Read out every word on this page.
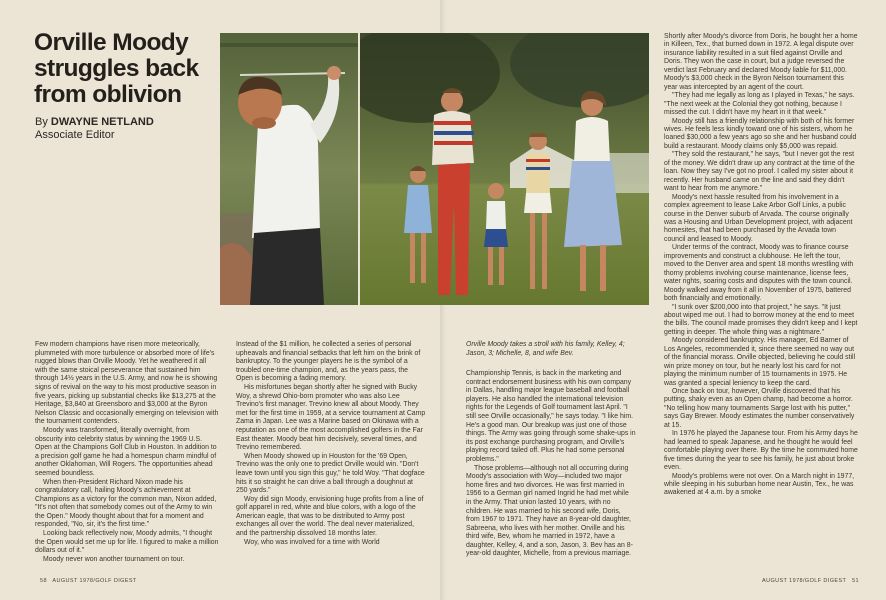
Orville Moody struggles back from oblivion
By DWAYNE NETLAND
Associate Editor

Few modern champions have risen more meteorically, plummeted with more turbulence or absorbed more of life's rugged blows than Orville Moody. Yet he weathered it all with the same stoical perseverance that sustained him through 14½ years in the U.S. Army, and now he is showing signs of revival on the way to his most productive season in five years, picking up substantial checks like $13,275 at the Heritage, $3,840 at Greensboro and $3,000 at the Byron Nelson Classic and occasionally emerging on television with the tournament contenders.

Moody was transformed, literally overnight, from obscurity into celebrity status by winning the 1969 U.S. Open at the Champions Golf Club in Houston. In addition to a precision golf game he had a homespun charm mindful of another Oklahoman, Will Rogers. The opportunities ahead seemed boundless.

When then-President Richard Nixon made his congratulatory call, hailing Moody's achievement at Champions as a victory for the common man, Nixon added, "It's not often that somebody comes out of the Army to win the Open." Moody thought about that for a moment and responded, "No, sir, it's the first time."

Looking back reflectively now, Moody admits, "I thought the Open would set me up for life. I figured to make a million dollars out of it."

Moody never won another tournament on tour.

Instead of the $1 million, he collected a series of personal upheavals and financial setbacks that left him on the brink of bankruptcy. To the younger players he is the symbol of a troubled one-time champion, and, as the years pass, the Open is becoming a fading memory.

His misfortunes began shortly after he signed with Bucky Woy, a shrewd Ohio-born promoter who was also Lee Trevino's first manager. Trevino knew all about Moody. They met for the first time in 1959, at a service tournament at Camp Zama in Japan. Lee was a Marine based on Okinawa with a reputation as one of the most accomplished golfers in the Far East theater. Moody beat him decisively, several times, and Trevino remembered.

When Moody showed up in Houston for the '69 Open, Trevino was the only one to predict Orville would win. "Don't leave town until you sign this guy," he told Woy. "That dogface hits it so straight he can drive a ball through a doughnut at 250 yards."

Woy did sign Moody, envisioning huge profits from a line of golf apparel in red, white and blue colors, with a logo of the American eagle, that was to be distributed to Army post exchanges all over the world. The deal never materialized, and the partnership dissolved 18 months later.

Woy, who was involved for a time with World

Orville Moody takes a stroll with his family, Kelley, 4; Jason, 3; Michelle, 8, and wife Bev.

Championship Tennis, is back in the marketing and contract endorsement business with his own company in Dallas, handling major league baseball and football players. He also handled the international television rights for the Legends of Golf tournament last April. "I still see Orville occasionally," he says today. "I like him. He's a good man. Our breakup was just one of those things. The Army was going through some shake-ups in its post exchange purchasing program, and Orville's playing record tailed off. Plus he had some personal problems."

Those problems—although not all occurring during Moody's association with Woy—included two major home fires and two divorces. He was first married in 1956 to a German girl named Ingrid he had met while in the Army. That union lasted 10 years, with no children. He was married to his second wife, Doris, from 1967 to 1971. They have an 8-year-old daughter, Sabreena, who lives with her mother. Orville and his third wife, Bev, whom he married in 1972, have a daughter, Kelley, 4, and a son, Jason, 3. Bev has an 8-year-old daughter, Michelle, from a previous marriage.

Shortly after Moody's divorce from Doris, he bought her a home in Killeen, Tex., that burned down in 1972. A legal dispute over insurance liability resulted in a suit filed against Orville and Doris. They won the case in court, but a judge reversed the verdict last February and declared Moody liable for $11,000. Moody's $3,000 check in the Byron Nelson tournament this year was intercepted by an agent of the court.

"They had me legally as long as I played in Texas," he says. "The next week at the Colonial they got nothing, because I missed the cut. I didn't have my heart in it that week."

Moody still has a friendly relationship with both of his former wives. He feels less kindly toward one of his sisters, whom he loaned $30,000 a few years ago so she and her husband could build a restaurant. Moody claims only $5,000 was repaid.

"They sold the restaurant," he says, "but I never got the rest of the money. We didn't draw up any contract at the time of the loan. Now they say I've got no proof. I called my sister about it recently. Her husband came on the line and said they didn't want to hear from me anymore."

Moody's next hassle resulted from his involvement in a complex agreement to lease Lake Arbor Golf Links, a public course in the Denver suburb of Arvada. The course originally was a Housing and Urban Development project, with adjacent homesites, that had been purchased by the Arvada town council and leased to Moody.

Under terms of the contract, Moody was to finance course improvements and construct a clubhouse. He left the tour, moved to the Denver area and spent 18 months wrestling with thorny problems involving course maintenance, license fees, water rights, soaring costs and disputes with the town council. Moody walked away from it all in November of 1975, battered both financially and emotionally.

"I sunk over $200,000 into that project," he says. "It just about wiped me out. I had to borrow money at the end to meet the bills. The council made promises they didn't keep and I kept getting in deeper. The whole thing was a nightmare."

Moody considered bankruptcy. His manager, Ed Barner of Los Angeles, recommended it, since there seemed no way out of the financial morass. Orville objected, believing he could still win prize money on tour, but he nearly lost his card for not playing the minimum number of 15 tournaments in 1975. He was granted a special leniency to keep the card.

Once back on tour, however, Orville discovered that his putting, shaky even as an Open champ, had become a horror. "No telling how many tournaments Sarge lost with his putter," says Gay Brewer. Moody estimates the number conservatively at 15.

In 1976 he played the Japanese tour. From his Army days he had learned to speak Japanese, and he thought he would feel comfortable playing over there. By the time he commuted home five times during the year to see his family, he just about broke even.

Moody's problems were not over. On a March night in 1977, while sleeping in his suburban home near Austin, Tex., he was awakened at 4 a.m. by a smoke

58 AUGUST 1978/GOLF DIGEST	AUGUST 1978/GOLF DIGEST 51
